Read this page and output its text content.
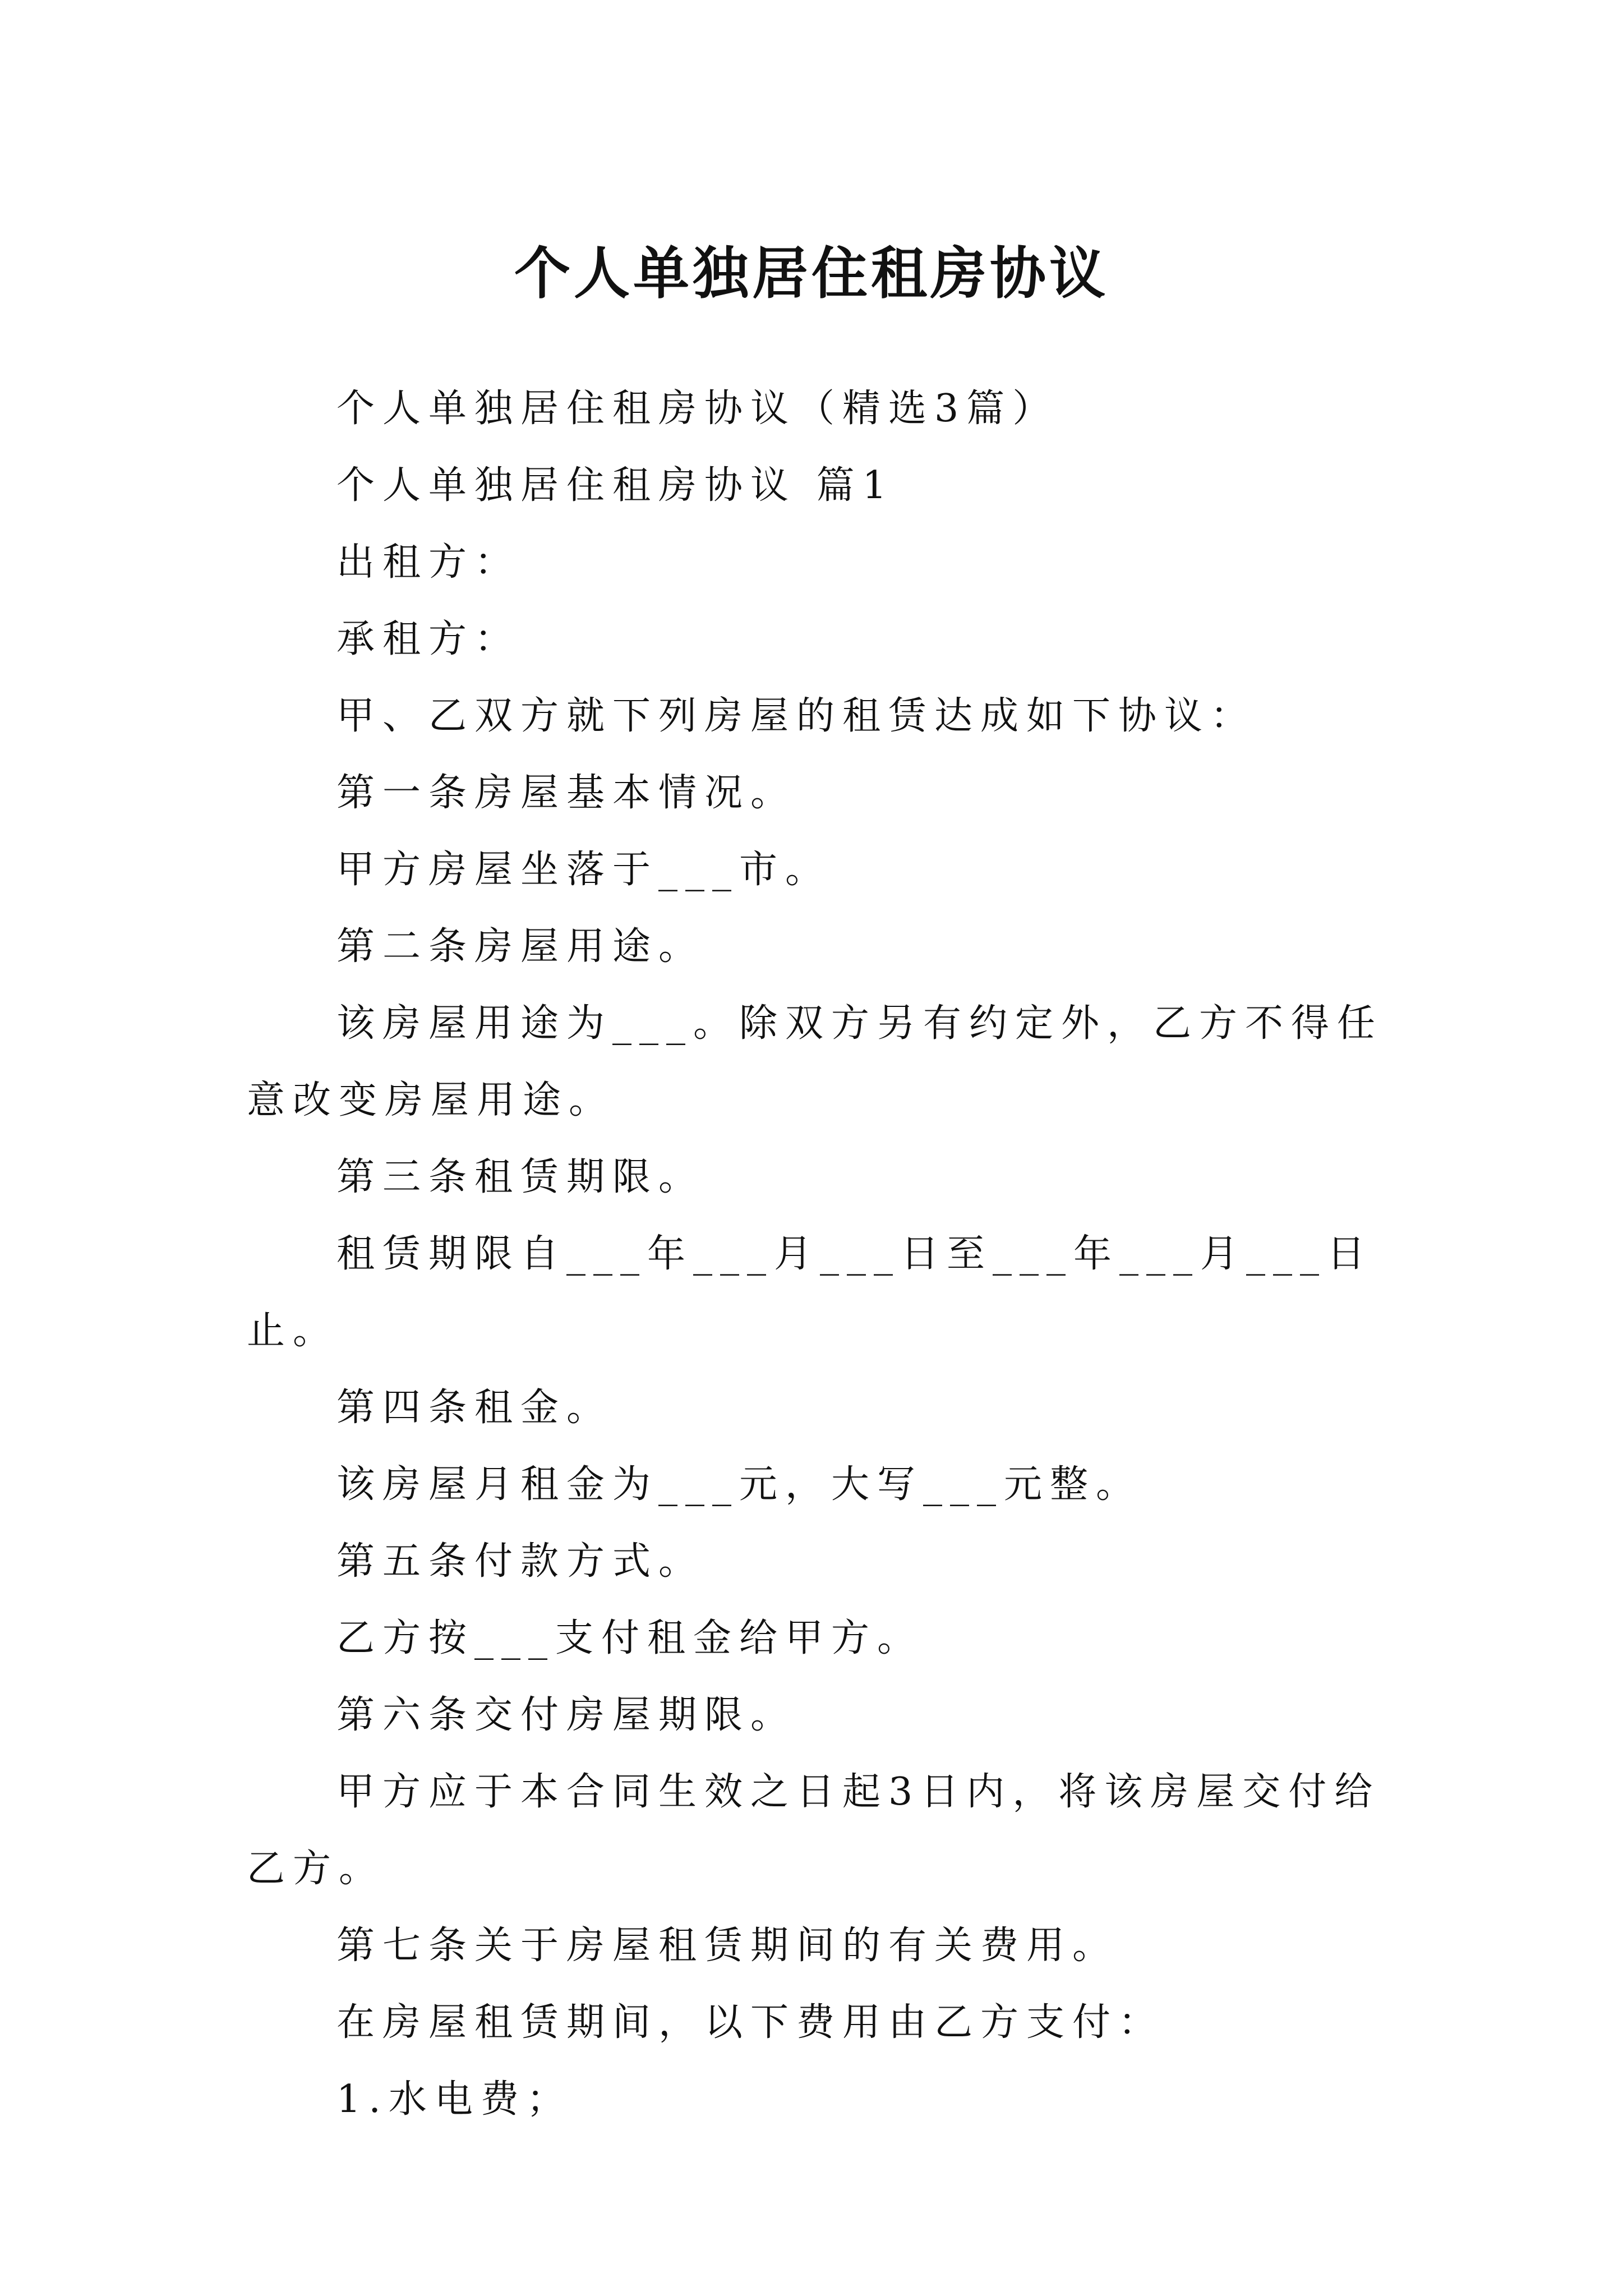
个人单独居住租房协议

个人单独居住租房协议（精选3篇）

个人单独居住租房协议 篇1

出租方：

承租方：

甲、乙双方就下列房屋的租赁达成如下协议：

第一条房屋基本情况。

甲方房屋坐落于___市。

第二条房屋用途。

该房屋用途为___。除双方另有约定外，乙方不得任意改变房屋用途。

第三条租赁期限。

租赁期限自___年___月___日至___年___月___日止。

第四条租金。

该房屋月租金为___元，大写___元整。

第五条付款方式。

乙方按___支付租金给甲方。

第六条交付房屋期限。

甲方应于本合同生效之日起3日内，将该房屋交付给乙方。

第七条关于房屋租赁期间的有关费用。

在房屋租赁期间，以下费用由乙方支付：

1.水电费；
